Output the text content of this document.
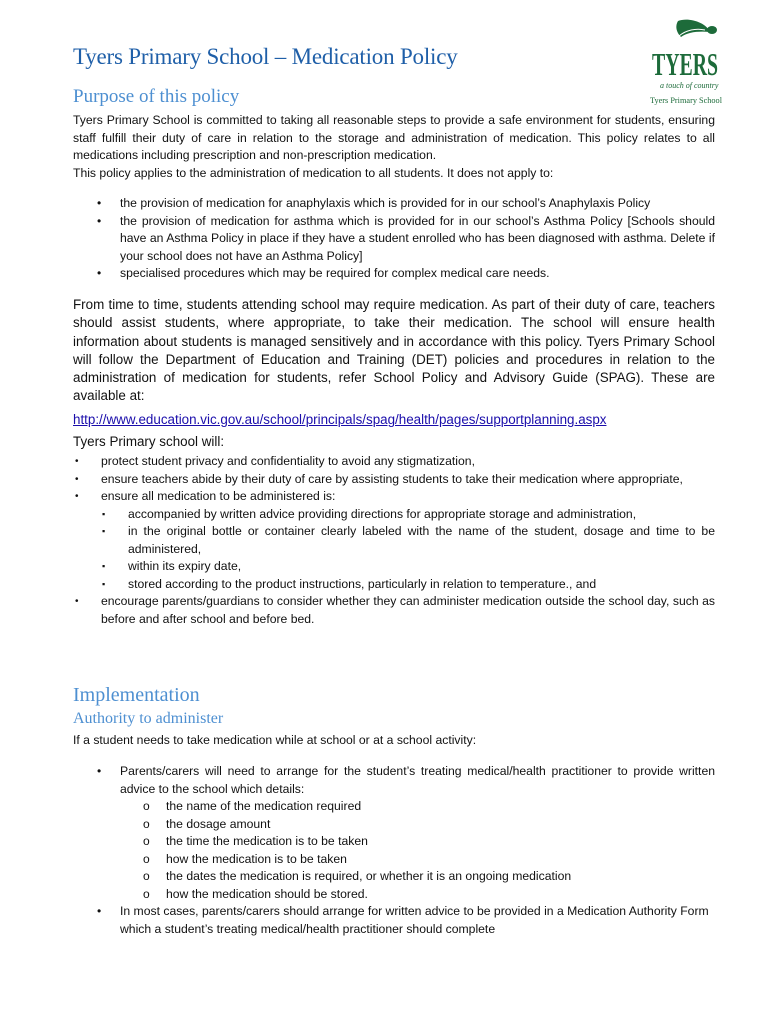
Tyers Primary School – Medication Policy	TYERS
a touch of country
Tyers Primary School
Purpose of this policy

Tyers Primary School is committed to taking all reasonable steps to provide a safe environment for students, ensuring staff fulfill their duty of care in relation to the storage and administration of medication. This policy relates to all medications including prescription and non-prescription medication.

This policy applies to the administration of medication to all students. It does not apply to:

• the provision of medication for anaphylaxis which is provided for in our school’s Anaphylaxis Policy
• the provision of medication for asthma which is provided for in our school’s Asthma Policy [Schools should have an Asthma Policy in place if they have a student enrolled who has been diagnosed with asthma. Delete if your school does not have an Asthma Policy]
• specialised procedures which may be required for complex medical care needs.

From time to time, students attending school may require medication. As part of their duty of care, teachers should assist students, where appropriate, to take their medication. The school will ensure health information about students is managed sensitively and in accordance with this policy. Tyers Primary School will follow the Department of Education and Training (DET) policies and procedures in relation to the administration of medication for students, refer School Policy and Advisory Guide (SPAG). These are available at:

http://www.education.vic.gov.au/school/principals/spag/health/pages/supportplanning.aspx

Tyers Primary school will:

• protect student privacy and confidentiality to avoid any stigmatization,
• ensure teachers abide by their duty of care by assisting students to take their medication where appropriate,
• ensure all medication to be administered is:
▪ accompanied by written advice providing directions for appropriate storage and administration,
▪ in the original bottle or container clearly labeled with the name of the student, dosage and time to be administered,
▪ within its expiry date,
▪ stored according to the product instructions, particularly in relation to temperature., and
• encourage parents/guardians to consider whether they can administer medication outside the school day, such as before and after school and before bed.
Implementation
Authority to administer

If a student needs to take medication while at school or at a school activity:

• Parents/carers will need to arrange for the student’s treating medical/health practitioner to provide written advice to the school which details:
o the name of the medication required
o the dosage amount
o the time the medication is to be taken
o how the medication is to be taken
o the dates the medication is required, or whether it is an ongoing medication
o how the medication should be stored.
• In most cases, parents/carers should arrange for written advice to be provided in a Medication Authority Form which a student’s treating medical/health practitioner should complete
